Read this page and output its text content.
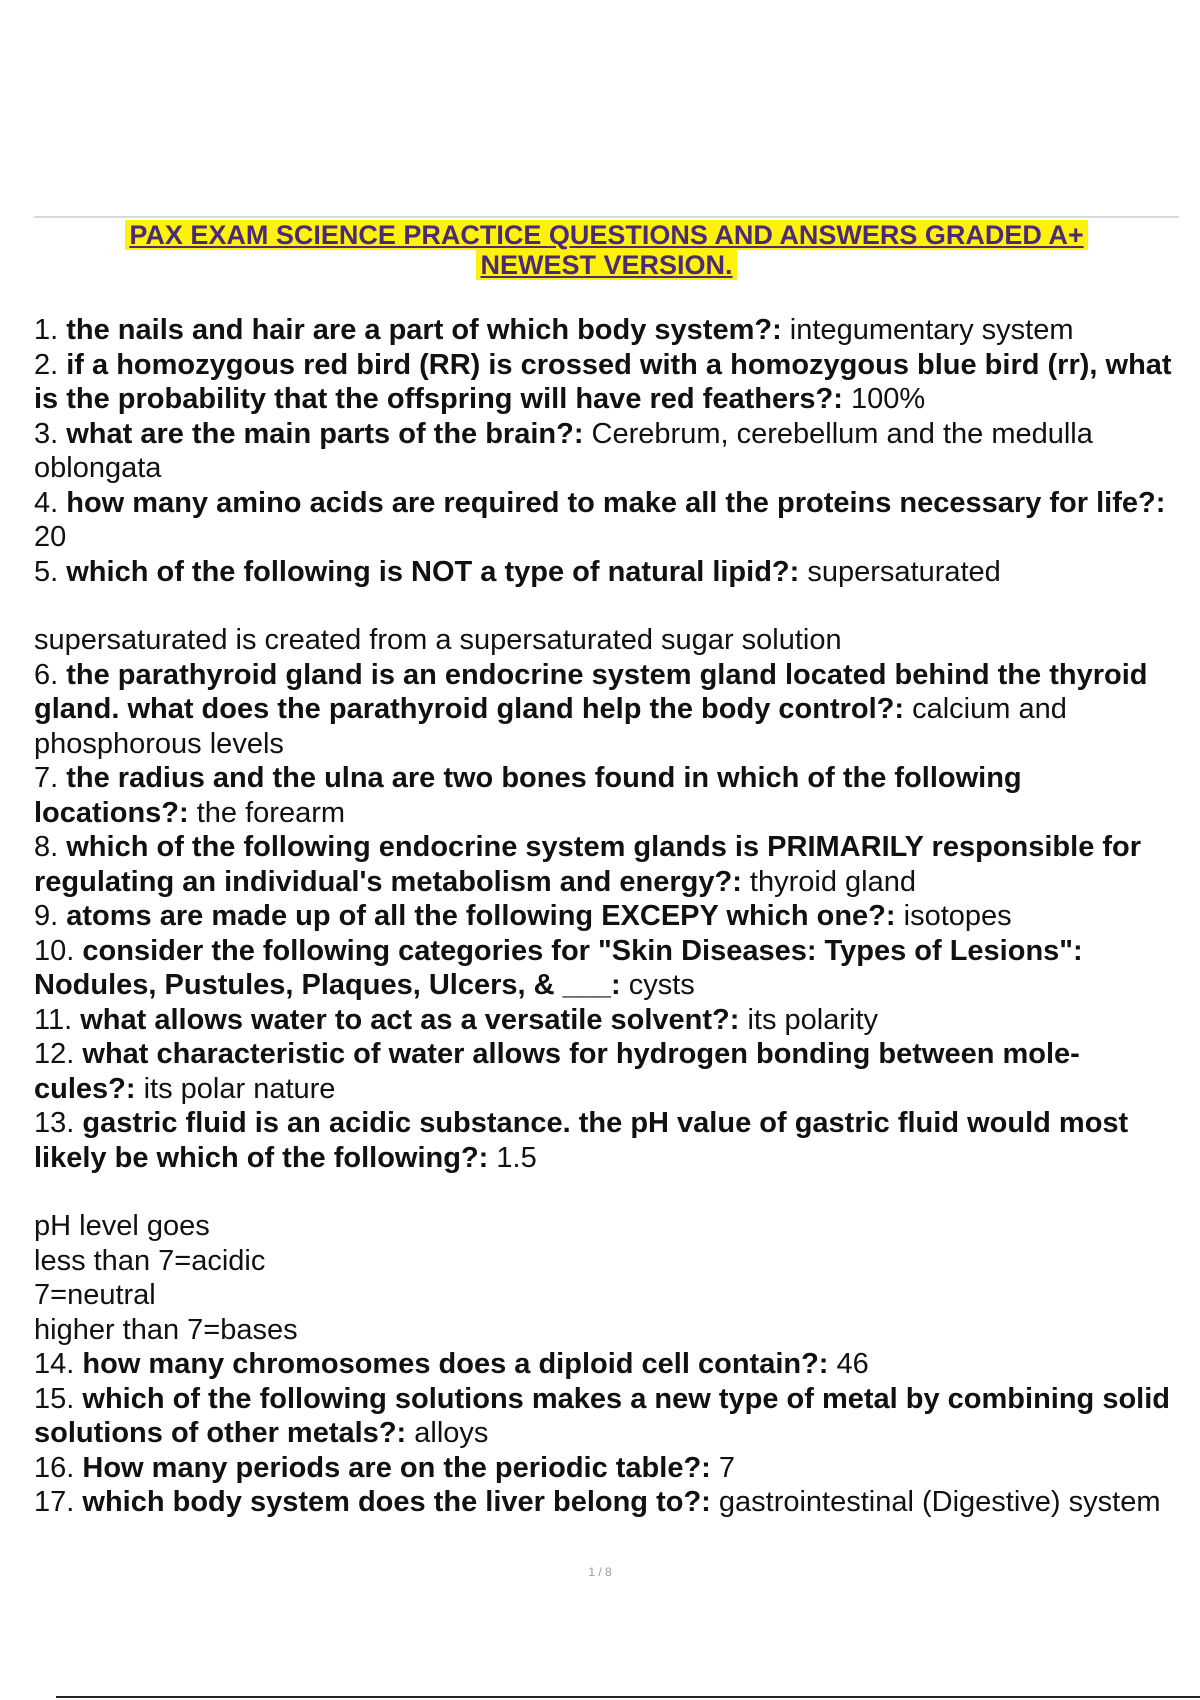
PAX EXAM SCIENCE PRACTICE QUESTIONS AND ANSWERS GRADED A+
NEWEST VERSION.

1. the nails and hair are a part of which body system?: integumentary system

2. if a homozygous red bird (RR) is crossed with a homozygous blue bird (rr), what is the probability that the offspring will have red feathers?: 100%

3. what are the main parts of the brain?: Cerebrum, cerebellum and the medulla oblongata

4. how many amino acids are required to make all the proteins necessary for life?: 20

5. which of the following is NOT a type of natural lipid?: supersaturated

supersaturated is created from a supersaturated sugar solution

6. the parathyroid gland is an endocrine system gland located behind the thyroid gland. what does the parathyroid gland help the body control?: calcium and phosphorous levels

7. the radius and the ulna are two bones found in which of the following locations?: the forearm

8. which of the following endocrine system glands is PRIMARILY responsible for regulating an individual's metabolism and energy?: thyroid gland

9. atoms are made up of all the following EXCEPY which one?: isotopes

10. consider the following categories for "Skin Diseases: Types of Lesions": Nodules, Pustules, Plaques, Ulcers, & ___: cysts

11. what allows water to act as a versatile solvent?: its polarity

12. what characteristic of water allows for hydrogen bonding between mole- cules?: its polar nature

13. gastric fluid is an acidic substance. the pH value of gastric fluid would most likely be which of the following?: 1.5

pH level goes

less than 7=acidic

7=neutral

higher than 7=bases

14. how many chromosomes does a diploid cell contain?: 46

15. which of the following solutions makes a new type of metal by combining solid solutions of other metals?: alloys

16. How many periods are on the periodic table?: 7

17. which body system does the liver belong to?: gastrointestinal (Digestive) system

1 / 8
